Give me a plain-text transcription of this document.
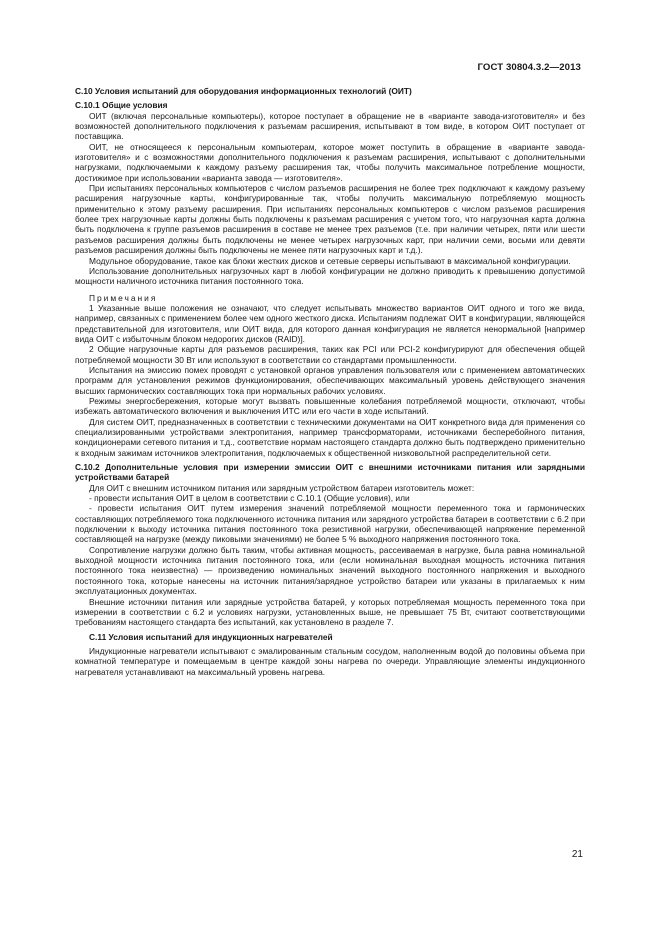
ГОСТ 30804.3.2—2013
С.10 Условия испытаний для оборудования информационных технологий (ОИТ)
С.10.1 Общие условия

ОИТ (включая персональные компьютеры), которое поступает в обращение не в «варианте завода-изготовителя» и без возможностей дополнительного подключения к разъемам расширения, испытывают в том виде, в котором ОИТ поступает от поставщика.

ОИТ, не относящееся к персональным компьютерам, которое может поступить в обращение в «варианте завода-изготовителя» и с возможностями дополнительного подключения к разъемам расширения, испытывают с дополнительными нагрузками, подключаемыми к каждому разъему расширения так, чтобы получить максимальное потребление мощности, достижимое при использовании «варианта завода — изготовителя».

При испытаниях персональных компьютеров с числом разъемов расширения не более трех подключают к каждому разъему расширения нагрузочные карты, конфигурированные так, чтобы получить максимальную потребляемую мощность применительно к этому разъему расширения. При испытаниях персональных компьютеров с числом разъемов расширения более трех нагрузочные карты должны быть подключены к разъемам расширения с учетом того, что нагрузочная карта должна быть подключена к группе разъемов расширения в составе не менее трех разъемов (т.е. при наличии четырех, пяти или шести разъемов расширения должны быть подключены не менее четырех нагрузочных карт, при наличии семи, восьми или девяти разъемов расширения должны быть подключены не менее пяти нагрузочных карт и т.д.).

Модульное оборудование, такое как блоки жестких дисков и сетевые серверы испытывают в максимальной конфигурации.

Использование дополнительных нагрузочных карт в любой конфигурации не должно приводить к превышению допустимой мощности наличного источника питания постоянного тока.

Примечания

1 Указанные выше положения не означают, что следует испытывать множество вариантов ОИТ одного и того же вида, например, связанных с применением более чем одного жесткого диска. Испытаниям подлежат ОИТ в конфигурации, являющейся представительной для изготовителя, или ОИТ вида, для которого данная конфигурация не является ненормальной [например вида ОИТ с избыточным блоком недорогих дисков (RAID)].

2 Общие нагрузочные карты для разъемов расширения, таких как PCI или PCI-2 конфигурируют для обеспечения общей потребляемой мощности 30 Вт или используют в соответствии со стандартами промышленности.

Испытания на эмиссию помех проводят с установкой органов управления пользователя или с применением автоматических программ для установления режимов функционирования, обеспечивающих максимальный уровень действующего значения высших гармонических составляющих тока при нормальных рабочих условиях.

Режимы энергосбережения, которые могут вызвать повышенные колебания потребляемой мощности, отключают, чтобы избежать автоматического включения и выключения ИТС или его части в ходе испытаний.

Для систем ОИТ, предназначенных в соответствии с техническими документами на ОИТ конкретного вида для применения со специализированными устройствами электропитания, например трансформаторами, источниками бесперебойного питания, кондиционерами сетевого питания и т.д., соответствие нормам настоящего стандарта должно быть подтверждено применительно к входным зажимам источников электропитания, подключаемых к общественной низковольтной распределительной сети.

С.10.2 Дополнительные условия при измерении эмиссии ОИТ с внешними источниками питания или зарядными устройствами батарей

Для ОИТ с внешним источником питания или зарядным устройством батареи изготовитель может:

- провести испытания ОИТ в целом в соответствии с С.10.1 (Общие условия), или

- провести испытания ОИТ путем измерения значений потребляемой мощности переменного тока и гармонических составляющих потребляемого тока подключенного источника питания или зарядного устройства батареи в соответствии с 6.2 при подключении к выходу источника питания постоянного тока резистивной нагрузки, обеспечивающей напряжение переменной составляющей на нагрузке (между пиковыми значениями) не более 5 % выходного напряжения постоянного тока.

Сопротивление нагрузки должно быть таким, чтобы активная мощность, рассеиваемая в нагрузке, была равна номинальной выходной мощности источника питания постоянного тока, или (если номинальная выходная мощность источника питания постоянного тока неизвестна) — произведению номинальных значений выходного постоянного напряжения и выходного постоянного тока, которые нанесены на источник питания/зарядное устройство батареи или указаны в прилагаемых к ним эксплуатационных документах.

Внешние источники питания или зарядные устройства батарей, у которых потребляемая мощность переменного тока при измерении в соответствии с 6.2 и условиях нагрузки, установленных выше, не превышает 75 Вт, считают соответствующими требованиям настоящего стандарта без испытаний, как установлено в разделе 7.

С.11 Условия испытаний для индукционных нагревателей

Индукционные нагреватели испытывают с эмалированным стальным сосудом, наполненным водой до половины объема при комнатной температуре и помещаемым в центре каждой зоны нагрева по очереди. Управляющие элементы индукционного нагревателя устанавливают на максимальный уровень нагрева.

21
